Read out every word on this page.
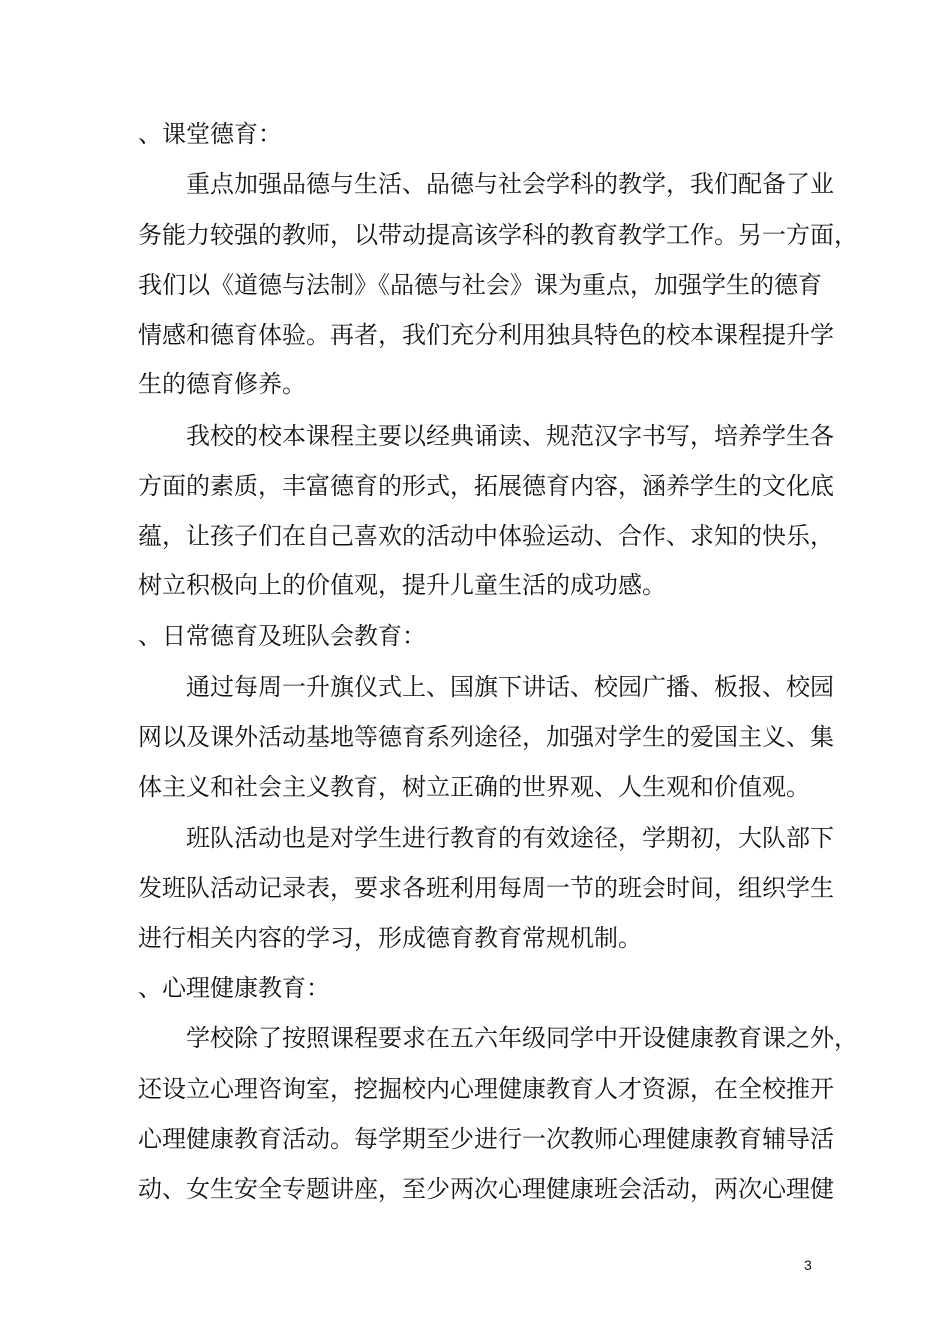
、课堂德育：
　　重点加强品德与生活、品德与社会学科的教学，我们配备了业
务能力较强的教师，以带动提高该学科的教育教学工作。另一方面，
我们以《道德与法制》《品德与社会》课为重点，加强学生的德育
情感和德育体验。再者，我们充分利用独具特色的校本课程提升学
生的德育修养。
　　我校的校本课程主要以经典诵读、规范汉字书写，培养学生各
方面的素质，丰富德育的形式，拓展德育内容，涵养学生的文化底
蕴，让孩子们在自己喜欢的活动中体验运动、合作、求知的快乐，
树立积极向上的价值观，提升儿童生活的成功感。
、日常德育及班队会教育：
　　通过每周一升旗仪式上、国旗下讲话、校园广播、板报、校园
网以及课外活动基地等德育系列途径，加强对学生的爱国主义、集
体主义和社会主义教育，树立正确的世界观、人生观和价值观。
　　班队活动也是对学生进行教育的有效途径，学期初，大队部下
发班队活动记录表，要求各班利用每周一节的班会时间，组织学生
进行相关内容的学习，形成德育教育常规机制。
、心理健康教育：
　　学校除了按照课程要求在五六年级同学中开设健康教育课之外，
还设立心理咨询室，挖掘校内心理健康教育人才资源，在全校推开
心理健康教育活动。每学期至少进行一次教师心理健康教育辅导活
动、女生安全专题讲座，至少两次心理健康班会活动，两次心理健
3
